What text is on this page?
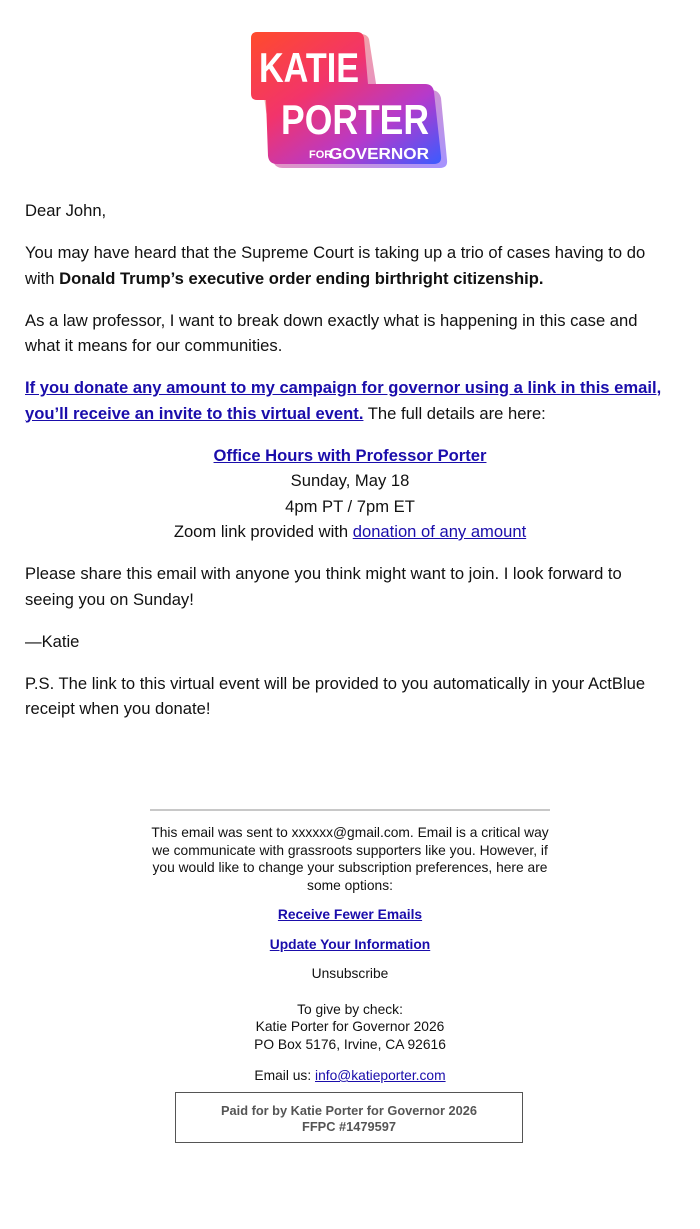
KATIE
PORTER
FOR
GOVERNOR

Dear John,

You may have heard that the Supreme Court is taking up a trio of cases having to do with Donald Trump’s executive order ending birthright citizenship.

As a law professor, I want to break down exactly what is happening in this case and what it means for our communities.

If you donate any amount to my campaign for governor using a link in this email, you’ll receive an invite to this virtual event. The full details are here:

Office Hours with Professor Porter
Sunday, May 18
4pm PT / 7pm ET
Zoom link provided with donation of any amount

Please share this email with anyone you think might want to join. I look forward to seeing you on Sunday!

—Katie

P.S. The link to this virtual event will be provided to you automatically in your ActBlue receipt when you donate!

This email was sent to xxxxxx@gmail.com. Email is a critical way we communicate with grassroots supporters like you. However, if you would like to change your subscription preferences, here are some options:

Receive Fewer Emails

Update Your Information

Unsubscribe

To give by check:
Katie Porter for Governor 2026
PO Box 5176, Irvine, CA 92616

Email us: info@katieporter.com

Paid for by Katie Porter for Governor 2026
FFPC #1479597
